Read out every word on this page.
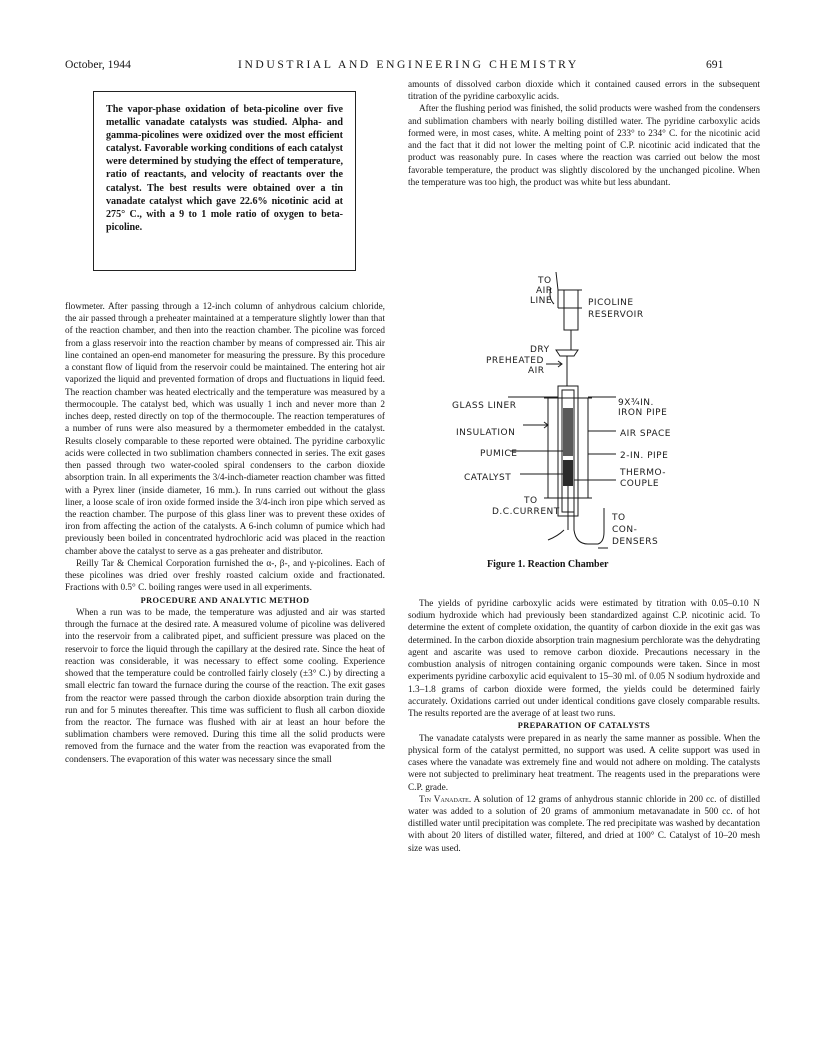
October, 1944	INDUSTRIAL AND ENGINEERING CHEMISTRY	691
The vapor-phase oxidation of beta-picoline over five metallic vanadate catalysts was studied. Alpha- and gamma-picolines were oxidized over the most efficient catalyst. Favorable working conditions of each catalyst were determined by studying the effect of temperature, ratio of reactants, and velocity of reactants over the catalyst. The best results were obtained over a tin vanadate catalyst which gave 22.6% nicotinic acid at 275° C., with a 9 to 1 mole ratio of oxygen to beta-picoline.

flowmeter. After passing through a 12-inch column of anhydrous calcium chloride, the air passed through a preheater maintained at a temperature slightly lower than that of the reaction chamber, and then into the reaction chamber. The picoline was forced from a glass reservoir into the reaction chamber by means of compressed air. This air line contained an open-end manometer for measuring the pressure. By this procedure a constant flow of liquid from the reservoir could be maintained. The entering hot air vaporized the liquid and prevented formation of drops and fluctuations in liquid feed. The reaction chamber was heated electrically and the temperature was measured by a thermocouple. The catalyst bed, which was usually 1 inch and never more than 2 inches deep, rested directly on top of the thermocouple. The reaction temperatures of a number of runs were also measured by a thermometer embedded in the catalyst. Results closely comparable to these reported were obtained. The pyridine carboxylic acids were collected in two sublimation chambers connected in series. The exit gases then passed through two water-cooled spiral condensers to the carbon dioxide absorption train. In all experiments the 3/4-inch-diameter reaction chamber was fitted with a Pyrex liner (inside diameter, 16 mm.). In runs carried out without the glass liner, a loose scale of iron oxide formed inside the 3/4-inch iron pipe which served as the reaction chamber. The purpose of this glass liner was to prevent these oxides of iron from affecting the action of the catalysts. A 6-inch column of pumice which had previously been boiled in concentrated hydrochloric acid was placed in the reaction chamber above the catalyst to serve as a gas preheater and distributor.

Reilly Tar & Chemical Corporation furnished the α-, β-, and γ-picolines. Each of these picolines was dried over freshly roasted calcium oxide and fractionated. Fractions with 0.5° C. boiling ranges were used in all experiments.

PROCEDURE AND ANALYTIC METHOD

When a run was to be made, the temperature was adjusted and air was started through the furnace at the desired rate. A measured volume of picoline was delivered into the reservoir from a calibrated pipet, and sufficient pressure was placed on the reservoir to force the liquid through the capillary at the desired rate. Since the heat of reaction was considerable, it was necessary to effect some cooling. Experience showed that the temperature could be controlled fairly closely (±3° C.) by directing a small electric fan toward the furnace during the course of the reaction. The exit gases from the reactor were passed through the carbon dioxide absorption train during the run and for 5 minutes thereafter. This time was sufficient to flush all carbon dioxide from the reactor. The furnace was flushed with air at least an hour before the sublimation chambers were removed. During this time all the solid products were removed from the furnace and the water from the reaction was evaporated from the condensers. The evaporation of this water was necessary since the small

amounts of dissolved carbon dioxide which it contained caused errors in the subsequent titration of the pyridine carboxylic acids.

After the flushing period was finished, the solid products were washed from the condensers and sublimation chambers with nearly boiling distilled water. The pyridine carboxylic acids formed were, in most cases, white. A melting point of 233° to 234° C. for the nicotinic acid and the fact that it did not lower the melting point of C.P. nicotinic acid indicated that the product was reasonably pure. In cases where the reaction was carried out below the most favorable temperature, the product was slightly discolored by the unchanged picoline. When the temperature was too high, the product was white but less abundant.

TO
AIR
LINE	PICOLINE
RESERVOIR
DRY
PREHEATED
AIR
GLASS LINER	9X¾IN.
IRON PIPE
INSULATION	AIR SPACE
PUMICE	2-IN. PIPE
THERMO-
COUPLE
CATALYST
TO
D.C.CURRENT
TO
CON-
DENSERS
Figure 1. Reaction Chamber

The yields of pyridine carboxylic acids were estimated by titration with 0.05–0.10 N sodium hydroxide which had previously been standardized against C.P. nicotinic acid. To determine the extent of complete oxidation, the quantity of carbon dioxide in the exit gas was determined. In the carbon dioxide absorption train magnesium perchlorate was the dehydrating agent and ascarite was used to remove carbon dioxide. Precautions necessary in the combustion analysis of nitrogen containing organic compounds were taken. Since in most experiments pyridine carboxylic acid equivalent to 15–30 ml. of 0.05 N sodium hydroxide and 1.3–1.8 grams of carbon dioxide were formed, the yields could be determined fairly accurately. Oxidations carried out under identical conditions gave closely comparable results. The results reported are the average of at least two runs.

PREPARATION OF CATALYSTS

The vanadate catalysts were prepared in as nearly the same manner as possible. When the physical form of the catalyst permitted, no support was used. A celite support was used in cases where the vanadate was extremely fine and would not adhere on molding. The catalysts were not subjected to preliminary heat treatment. The reagents used in the preparations were C.P. grade.

Tin Vanadate. A solution of 12 grams of anhydrous stannic chloride in 200 cc. of distilled water was added to a solution of 20 grams of ammonium metavanadate in 500 cc. of hot distilled water until precipitation was complete. The red precipitate was washed by decantation with about 20 liters of distilled water, filtered, and dried at 100° C. Catalyst of 10–20 mesh size was used.
